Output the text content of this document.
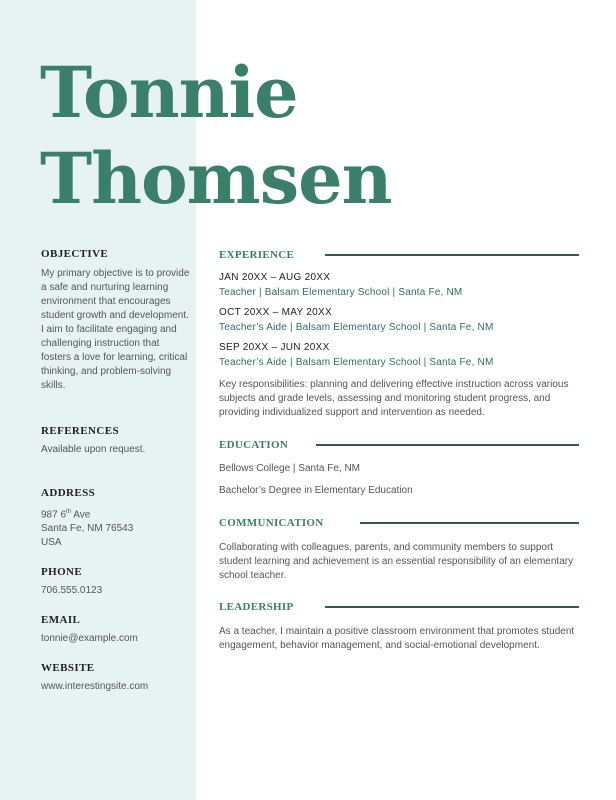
Tonnie
Thomsen
OBJECTIVE
My primary objective is to provide a safe and nurturing learning environment that encourages student growth and development. I aim to facilitate engaging and challenging instruction that fosters a love for learning, critical thinking, and problem-solving skills.
REFERENCES
Available upon request.
ADDRESS
987 6th Ave
Santa Fe, NM 76543
USA
PHONE
706.555.0123
EMAIL
tonnie@example.com
WEBSITE
www.interestingsite.com
EXPERIENCE
JAN 20XX – AUG 20XX
Teacher | Balsam Elementary School | Santa Fe, NM
OCT 20XX – MAY 20XX
Teacher’s Aide | Balsam Elementary School | Santa Fe, NM
SEP 20XX – JUN 20XX
Teacher’s Aide | Balsam Elementary School | Santa Fe, NM
Key responsibilities: planning and delivering effective instruction across various subjects and grade levels, assessing and monitoring student progress, and providing individualized support and intervention as needed.
EDUCATION
Bellows College | Santa Fe, NM
Bachelor’s Degree in Elementary Education
COMMUNICATION
Collaborating with colleagues, parents, and community members to support student learning and achievement is an essential responsibility of an elementary school teacher.
LEADERSHIP
As a teacher, I maintain a positive classroom environment that promotes student engagement, behavior management, and social-emotional development.
